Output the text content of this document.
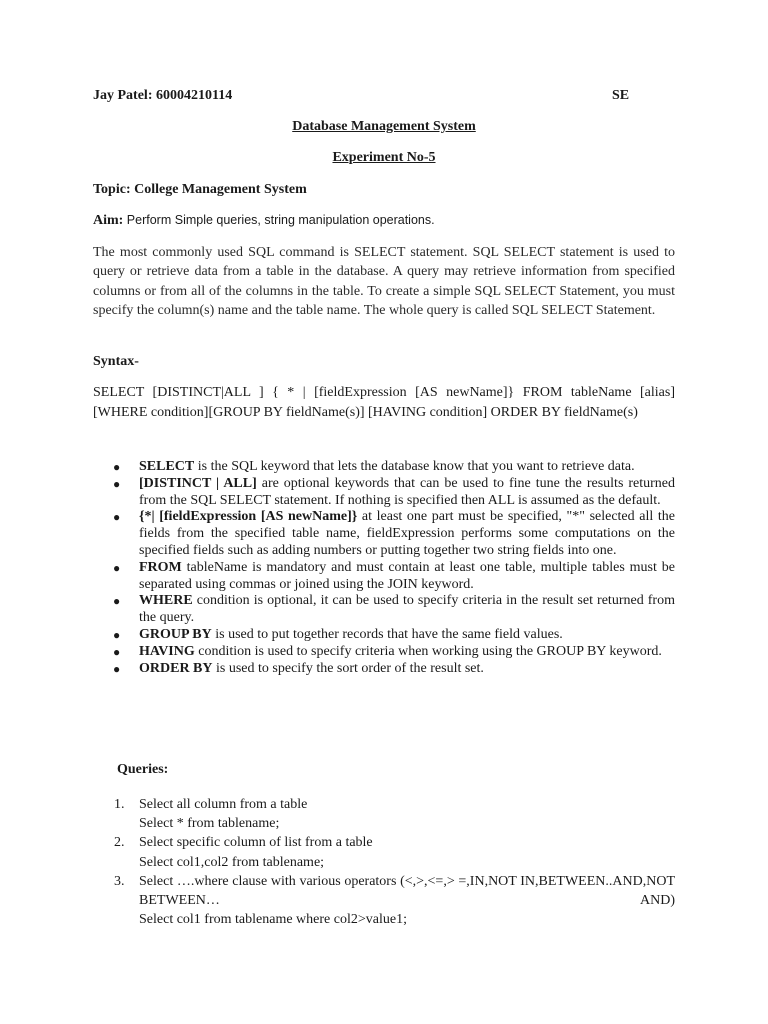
Jay Patel: 60004210114	SE
Database Management System
Experiment No-5
Topic: College Management System
Aim: Perform Simple queries, string manipulation operations.
The most commonly used SQL command is SELECT statement. SQL SELECT statement is used to query or retrieve data from a table in the database. A query may retrieve information from specified columns or from all of the columns in the table. To create a simple SQL SELECT Statement, you must specify the column(s) name and the table name. The whole query is called SQL SELECT Statement.
Syntax-
SELECT [DISTINCT|ALL ] { * | [fieldExpression [AS newName]} FROM tableName [alias] [WHERE condition][GROUP BY fieldName(s)] [HAVING condition] ORDER BY fieldName(s)
● SELECT is the SQL keyword that lets the database know that you want to retrieve data.
● [DISTINCT | ALL] are optional keywords that can be used to fine tune the results returned from the SQL SELECT statement. If nothing is specified then ALL is assumed as the default.
● {*| [fieldExpression [AS newName]} at least one part must be specified, "*" selected all the fields from the specified table name, fieldExpression performs some computations on the specified fields such as adding numbers or putting together two string fields into one.
● FROM tableName is mandatory and must contain at least one table, multiple tables must be separated using commas or joined using the JOIN keyword.
● WHERE condition is optional, it can be used to specify criteria in the result set returned from the query.
● GROUP BY is used to put together records that have the same field values.
● HAVING condition is used to specify criteria when working using the GROUP BY keyword.
● ORDER BY is used to specify the sort order of the result set.
Queries:
1. Select all column from a table
Select * from tablename;
2. Select specific column of list from a table
Select col1,col2 from tablename;
3. Select ….where clause with various operators (<,>,<=,> =,IN,NOT IN,BETWEEN..AND,NOT BETWEEN… AND)
Select col1 from tablename where col2>value1;
